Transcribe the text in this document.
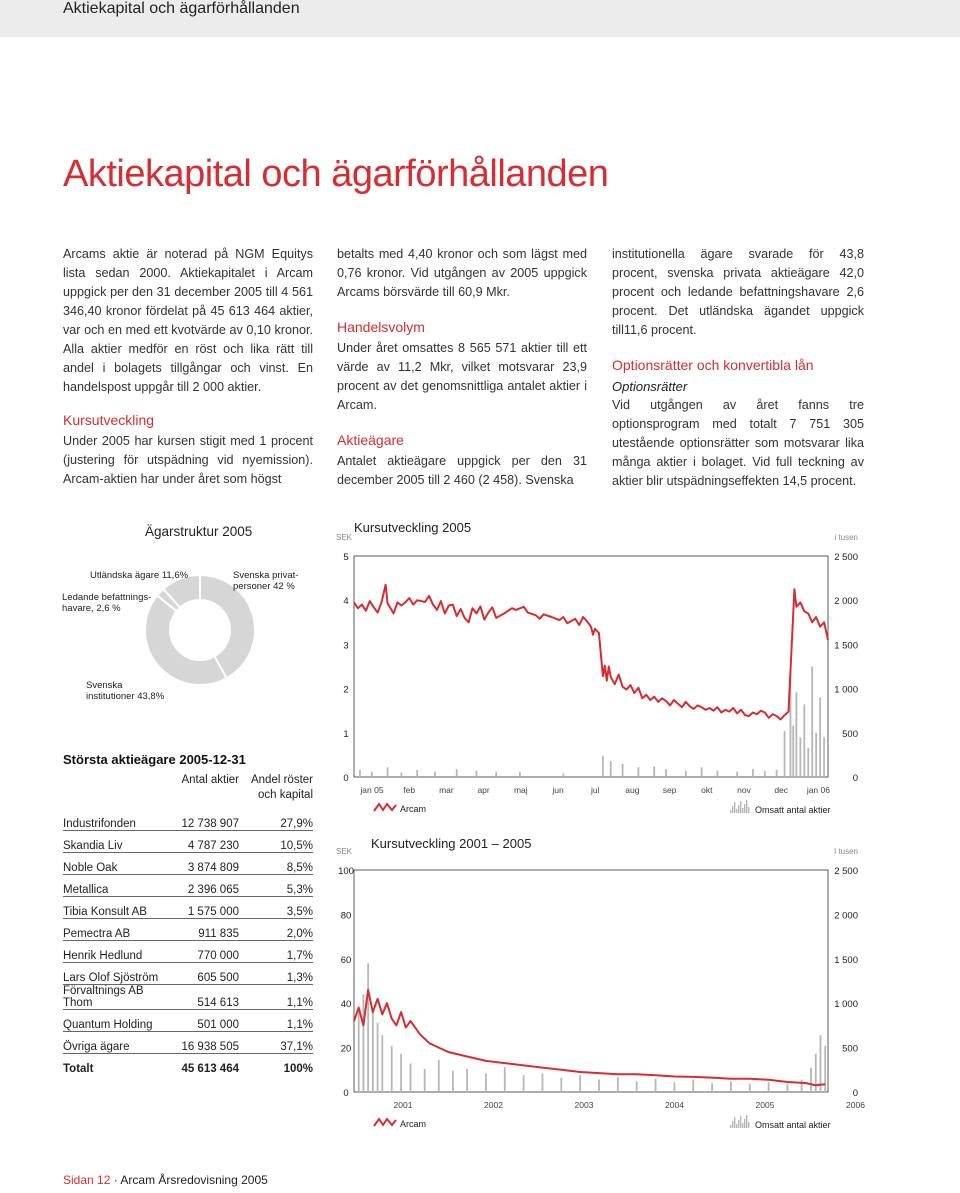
Aktiekapital och ägarförhållanden
Aktiekapital och ägarförhållanden

Arcams aktie är noterad på NGM Equitys lista sedan 2000. Aktiekapitalet i Arcam uppgick per den 31 december 2005 till 4 561 346,40 kronor fördelat på 45 613 464 aktier, var och en med ett kvotvärde av 0,10 kronor. Alla aktier medför en röst och lika rätt till andel i bolagets tillgångar och vinst. En handelspost uppgår till 2 000 aktier.

Kursutveckling

Under 2005 har kursen stigit med 1 procent (justering för utspädning vid nyemission). Arcam-aktien har under året som högst

betalts med 4,40 kronor och som lägst med 0,76 kronor. Vid utgången av 2005 uppgick Arcams börsvärde till 60,9 Mkr.

Handelsvolym

Under året omsattes 8 565 571 aktier till ett värde av 11,2 Mkr, vilket motsvarar 23,9 procent av det genomsnittliga antalet aktier i Arcam.

Aktieägare

Antalet aktieägare uppgick per den 31 december 2005 till 2 460 (2 458). Svenska

institutionella ägare svarade för 43,8 procent, svenska privata aktieägare 42,0 procent och ledande befattningshavare 2,6 procent. Det utländska ägandet uppgick till11,6 procent.

Optionsrätter och konvertibla lån

Optionsrätter

Vid utgången av året fanns tre optionsprogram med totalt 7 751 305 utestående optionsrätter som motsvarar lika många aktier i bolaget. Vid full teckning av aktier blir utspädningseffekten 14,5 procent.

Ägarstruktur 2005
Utländska ägare 11,6%
Ledande befattnings-
havare, 2,6 %
Svenska privat-
personer 42 %
Svenska
institutioner 43,8%
Största aktieägare 2005-12-31
	Antal aktier	Andel röster och kapital
Industrifonden	12 738 907	27,9%
Skandia Liv	4 787 230	10,5%
Noble Oak	3 874 809	8,5%
Metallica	2 396 065	5,3%
Tibia Konsult AB	1 575 000	3,5%
Pemectra AB	911 835	2,0%
Henrik Hedlund	770 000	1,7%
Lars Olof Sjöström	605 500	1,3%
Förvaltnings AB Thom	514 613	1,1%
Quantum Holding	501 000	1,1%
Övriga ägare	16 938 505	37,1%
Totalt	45 613 464	100%
Kursutveckling 2005
SEK	i tusen
5	2 500
4	2 000
3	1 500
2	1 000
1	500
0	0
jan 05 feb	mar	apr	maj	jun	jul	aug	sep	okt	nov	dec jan 06
Arcam	Omsatt antal aktier
Kursutveckling 2001 – 2005
SEK	I tusen
100	2 500
80	2 000
60	1 500
40	1 000
20	500
0	0
2001	2002	2003	2004	2005	2006
Arcam	Omsatt antal aktier
Sidan 12 · Arcam Årsredovisning 2005
